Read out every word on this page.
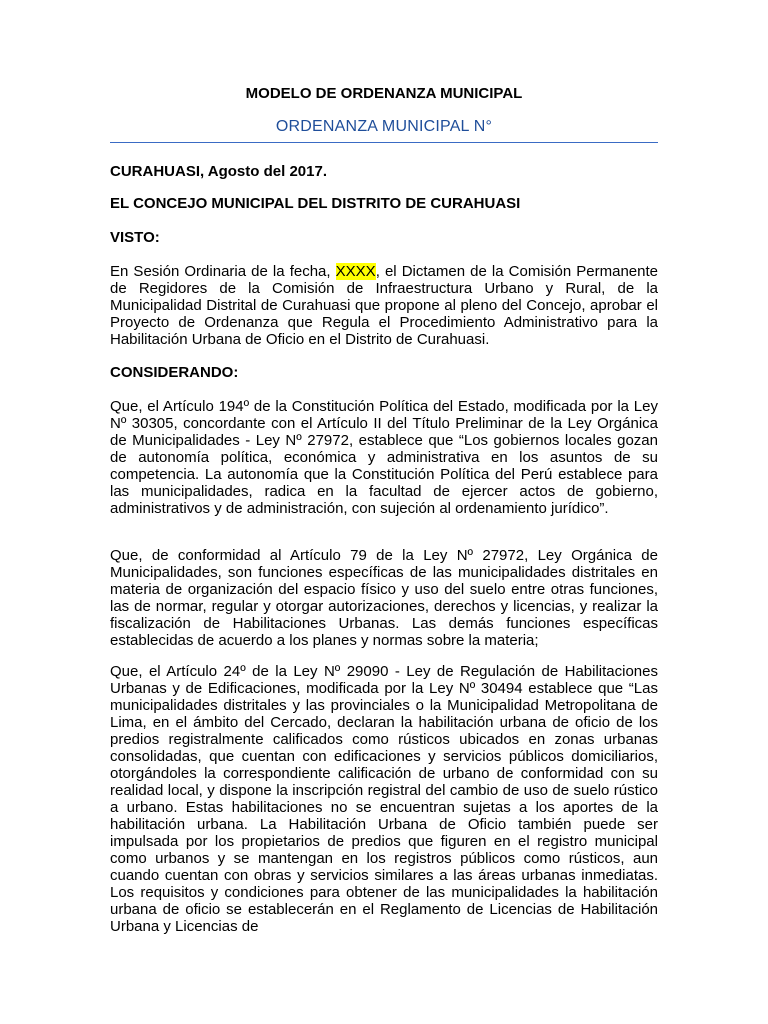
MODELO DE ORDENANZA MUNICIPAL
ORDENANZA MUNICIPAL N°
CURAHUASI, Agosto del 2017.
EL CONCEJO MUNICIPAL DEL DISTRITO DE CURAHUASI
VISTO:
En Sesión Ordinaria de la fecha, XXXX, el Dictamen de la Comisión Permanente de Regidores de la Comisión de Infraestructura Urbano y Rural, de la Municipalidad Distrital de Curahuasi que propone al pleno del Concejo, aprobar el Proyecto de Ordenanza que Regula el Procedimiento Administrativo para la Habilitación Urbana de Oficio en el Distrito de Curahuasi.
CONSIDERANDO:
Que, el Artículo 194º de la Constitución Política del Estado, modificada por la Ley Nº 30305, concordante con el Artículo II del Título Preliminar de la Ley Orgánica de Municipalidades - Ley Nº 27972, establece que “Los gobiernos locales gozan de autonomía política, económica y administrativa en los asuntos de su competencia. La autonomía que la Constitución Política del Perú establece para las municipalidades, radica en la facultad de ejercer actos de gobierno, administrativos y de administración, con sujeción al ordenamiento jurídico”.
Que, de conformidad al Artículo 79 de la Ley Nº 27972, Ley Orgánica de Municipalidades, son funciones específicas de las municipalidades distritales en materia de organización del espacio físico y uso del suelo entre otras funciones, las de normar, regular y otorgar autorizaciones, derechos y licencias, y realizar la fiscalización de Habilitaciones Urbanas. Las demás funciones específicas establecidas de acuerdo a los planes y normas sobre la materia;
Que, el Artículo 24º de la Ley Nº 29090 - Ley de Regulación de Habilitaciones Urbanas y de Edificaciones, modificada por la Ley Nº 30494 establece que “Las municipalidades distritales y las provinciales o la Municipalidad Metropolitana de Lima, en el ámbito del Cercado, declaran la habilitación urbana de oficio de los predios registralmente calificados como rústicos ubicados en zonas urbanas consolidadas, que cuentan con edificaciones y servicios públicos domiciliarios, otorgándoles la correspondiente calificación de urbano de conformidad con su realidad local, y dispone la inscripción registral del cambio de uso de suelo rústico a urbano. Estas habilitaciones no se encuentran sujetas a los aportes de la habilitación urbana. La Habilitación Urbana de Oficio también puede ser impulsada por los propietarios de predios que figuren en el registro municipal como urbanos y se mantengan en los registros públicos como rústicos, aun cuando cuentan con obras y servicios similares a las áreas urbanas inmediatas. Los requisitos y condiciones para obtener de las municipalidades la habilitación urbana de oficio se establecerán en el Reglamento de Licencias de Habilitación Urbana y Licencias de
